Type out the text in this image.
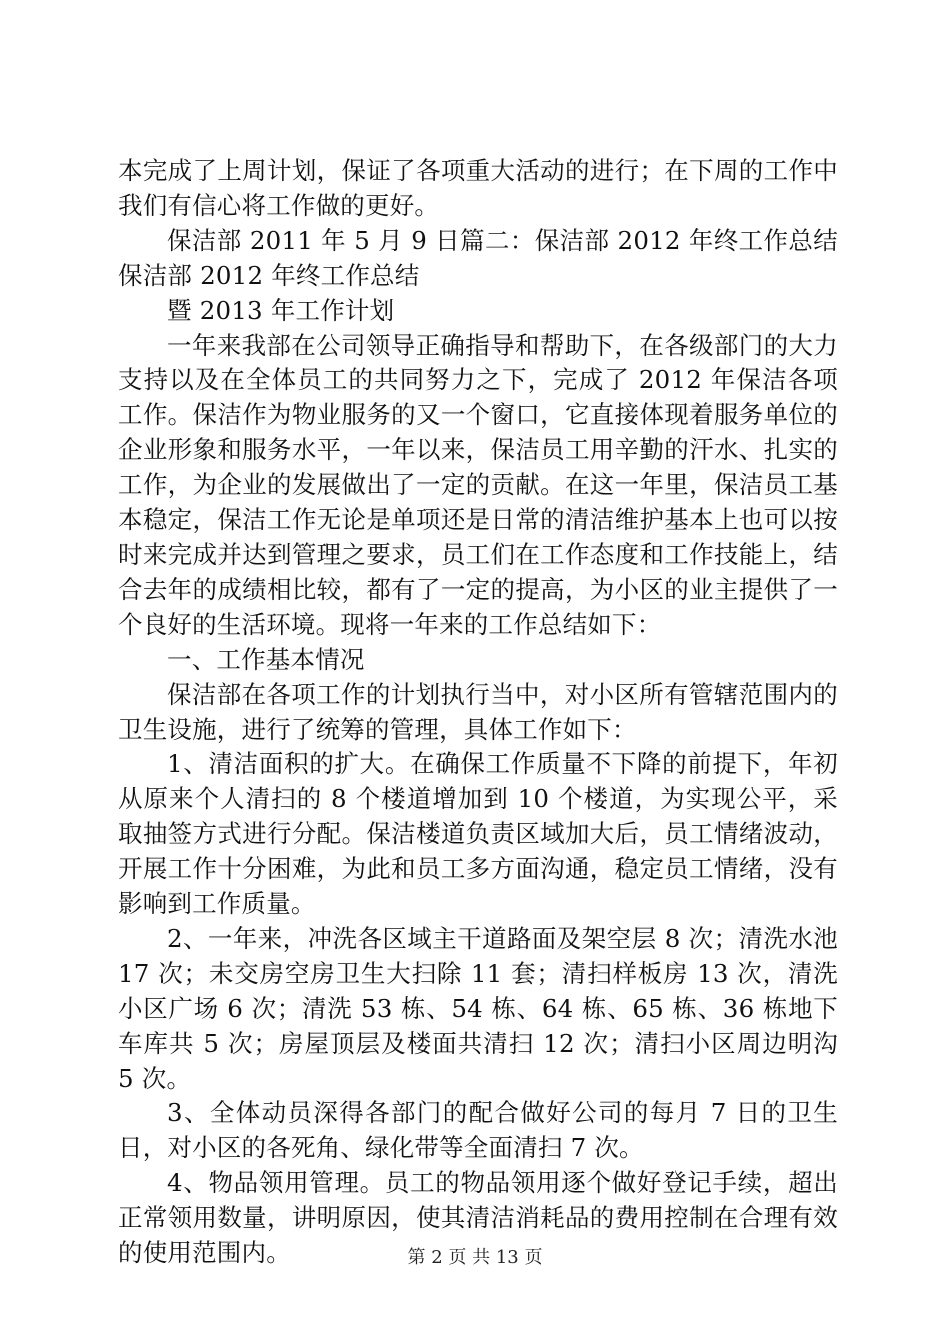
本完成了上周计划，保证了各项重大活动的进行；在下周的工作中我们有信心将工作做的更好。

保洁部 2011 年 5 月 9 日篇二：保洁部 2012 年终工作总结保洁部 2012 年终工作总结

暨 2013 年工作计划

一年来我部在公司领导正确指导和帮助下，在各级部门的大力支持以及在全体员工的共同努力之下，完成了 2012 年保洁各项工作。保洁作为物业服务的又一个窗口，它直接体现着服务单位的企业形象和服务水平，一年以来，保洁员工用辛勤的汗水、扎实的工作，为企业的发展做出了一定的贡献。在这一年里，保洁员工基本稳定，保洁工作无论是单项还是日常的清洁维护基本上也可以按时来完成并达到管理之要求，员工们在工作态度和工作技能上，结合去年的成绩相比较，都有了一定的提高，为小区的业主提供了一个良好的生活环境。现将一年来的工作总结如下：

一、工作基本情况

保洁部在各项工作的计划执行当中，对小区所有管辖范围内的卫生设施，进行了统筹的管理，具体工作如下：

1、清洁面积的扩大。在确保工作质量不下降的前提下，年初从原来个人清扫的 8 个楼道增加到 10 个楼道，为实现公平，采取抽签方式进行分配。保洁楼道负责区域加大后，员工情绪波动，开展工作十分困难，为此和员工多方面沟通，稳定员工情绪，没有影响到工作质量。

2、一年来，冲洗各区域主干道路面及架空层 8 次；清洗水池 17 次；未交房空房卫生大扫除 11 套；清扫样板房 13 次，清洗小区广场 6 次；清洗 53 栋、54 栋、64 栋、65 栋、36 栋地下车库共 5 次；房屋顶层及楼面共清扫 12 次；清扫小区周边明沟 5 次。

3、全体动员深得各部门的配合做好公司的每月 7 日的卫生日，对小区的各死角、绿化带等全面清扫 7 次。

4、物品领用管理。员工的物品领用逐个做好登记手续，超出正常领用数量，讲明原因，使其清洁消耗品的费用控制在合理有效的使用范围内。	第 2 页 共 13 页
